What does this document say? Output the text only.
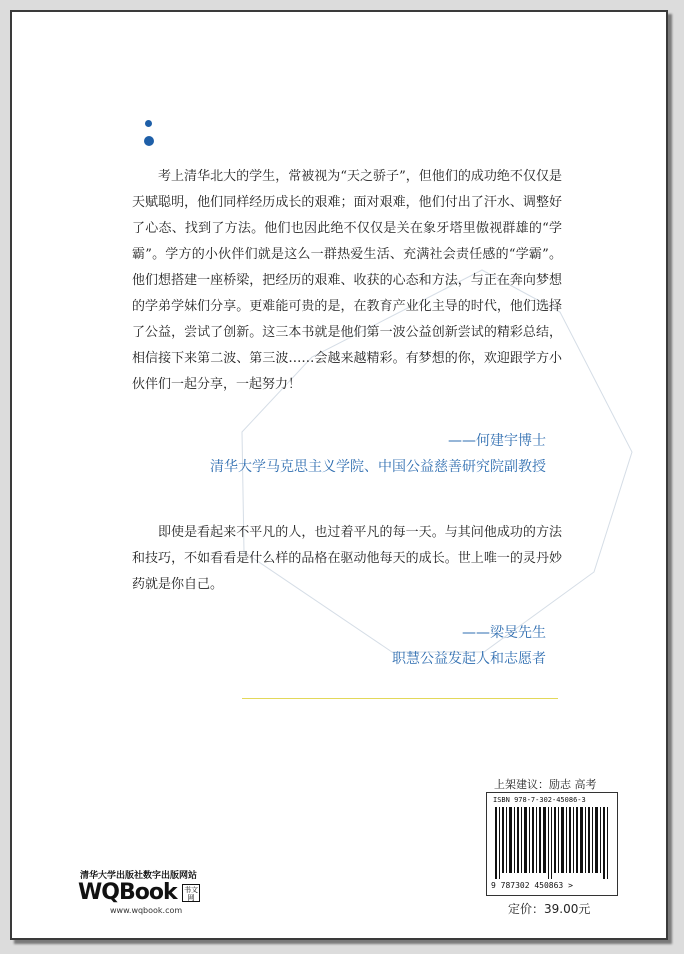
考上清华北大的学生，常被视为“天之骄子”，但他们的成功绝不仅仅是天赋聪明，他们同样经历成长的艰难；面对艰难，他们付出了汗水、调整好了心态、找到了方法。他们也因此绝不仅仅是关在象牙塔里傲视群雄的“学霸”。学方的小伙伴们就是这么一群热爱生活、充满社会责任感的“学霸”。他们想搭建一座桥梁，把经历的艰难、收获的心态和方法，与正在奔向梦想的学弟学妹们分享。更难能可贵的是，在教育产业化主导的时代，他们选择了公益，尝试了创新。这三本书就是他们第一波公益创新尝试的精彩总结，相信接下来第二波、第三波……会越来越精彩。有梦想的你，欢迎跟学方小伙伴们一起分享，一起努力！

——何建宇博士
清华大学马克思主义学院、中国公益慈善研究院副教授

即使是看起来不平凡的人，也过着平凡的每一天。与其问他成功的方法和技巧，不如看看是什么样的品格在驱动他每天的成长。世上唯一的灵丹妙药就是你自己。

——梁旻先生
职慧公益发起人和志愿者
上架建议：励志 高考
ISBN 978-7-302-45086-3
9 787302 450863 >
定价：39.00元
清华大学出版社数字出版网站
WQBook 书文网
www.wqbook.com
